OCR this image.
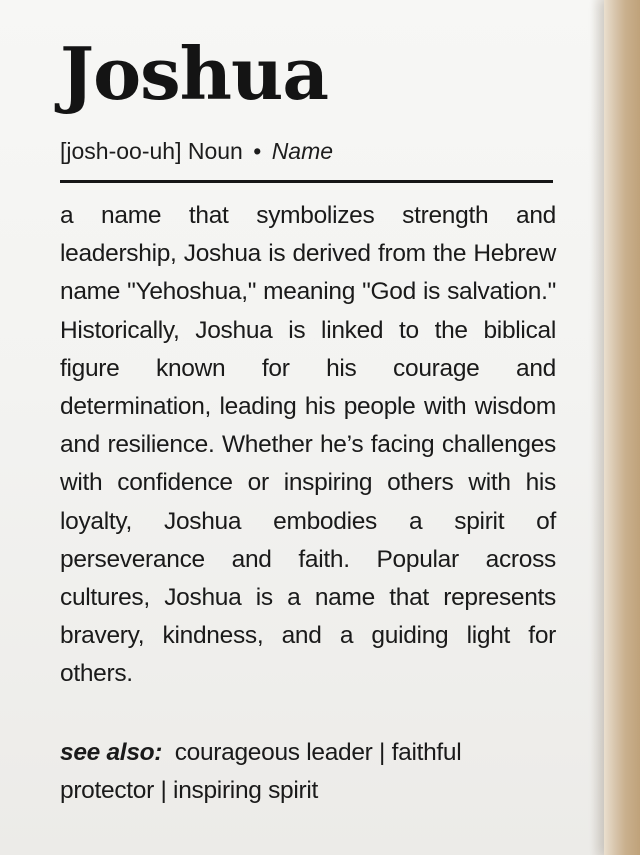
Joshua
[josh-oo-uh] Noun • Name

a name that symbolizes strength and leadership, Joshua is derived from the Hebrew name "Yehoshua," meaning "God is salvation." Historically, Joshua is linked to the biblical figure known for his courage and determination, leading his people with wisdom and resilience. Whether he’s facing challenges with confidence or inspiring others with his loyalty, Joshua embodies a spirit of perseverance and faith. Popular across cultures, Joshua is a name that represents bravery, kindness, and a guiding light for others.

see also: courageous leader | faithful protector | inspiring spirit
